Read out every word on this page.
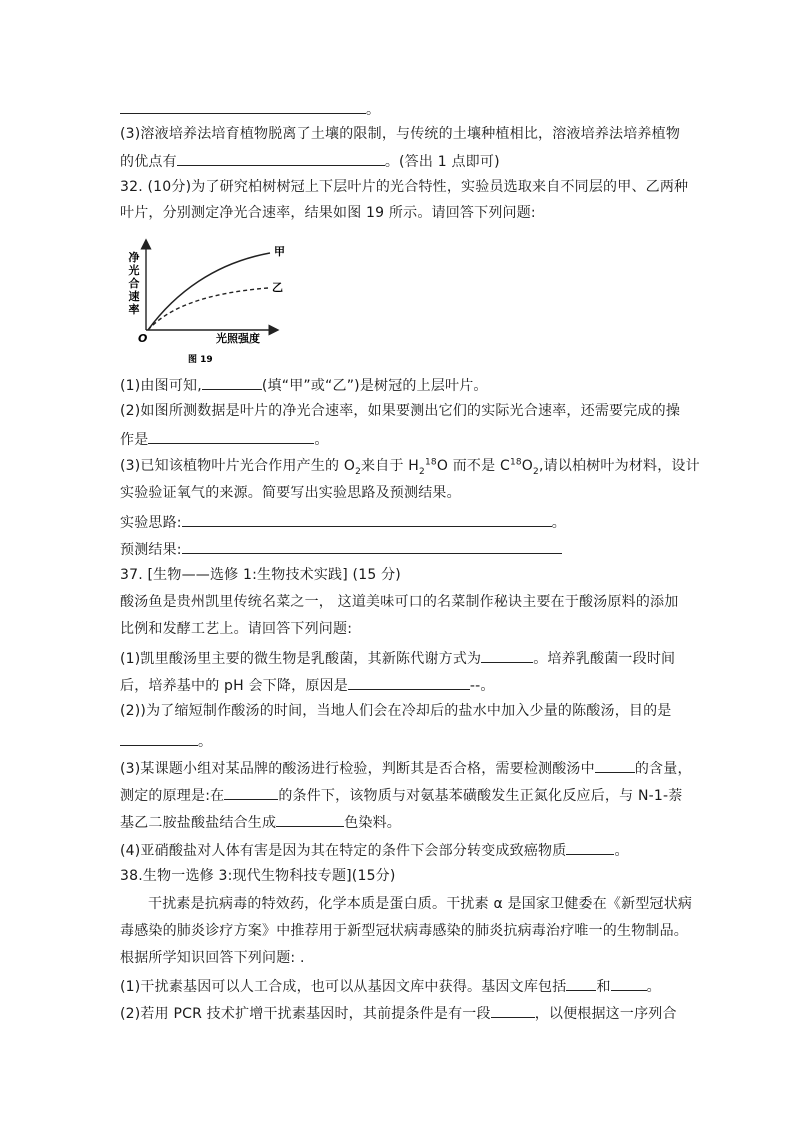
。
(3)溶液培养法培育植物脱离了土壤的限制，与传统的土壤种植相比，溶液培养法培养植物
的优点有	。(答出 1 点即可)
32. (10分)为了研究柏树树冠上下层叶片的光合特性，实验员选取来自不同层的甲、乙两种
叶片，分别测定净光合速率，结果如图 19 所示。请回答下列问题:
净
光
合
速
率
O	光照强度
甲
乙
图 19
(1)由图可知,	(填“甲”或“乙”)是树冠的上层叶片。
(2)如图所测数据是叶片的净光合速率，如果要测出它们的实际光合速率，还需要完成的操
作是	。
(3)已知该植物叶片光合作用产生的 $O_2$来自于 $H_2^{18}O$ 而不是 $C^{18}O_2$,请以柏树叶为材料，设计
实验验证氧气的来源。简要写出实验思路及预测结果。
实验思路:	。
预测结果:
37. [生物——选修 1:生物技术实践] (15 分)
酸汤鱼是贵州凯里传统名菜之一， 这道美味可口的名菜制作秘诀主要在于酸汤原料的添加
比例和发酵工艺上。请回答下列问题:
(1)凯里酸汤里主要的微生物是乳酸菌，其新陈代谢方式为	。培养乳酸菌一段时间
后，培养基中的 pH 会下降，原因是	--。
(2))为了缩短制作酸汤的时间，当地人们会在冷却后的盐水中加入少量的陈酸汤，目的是
。
(3)某课题小组对某品牌的酸汤进行检验，判断其是否合格，需要检测酸汤中	的含量，
测定的原理是:在	的条件下，该物质与对氨基苯磺酸发生正氮化反应后，与 N-1-萘
基乙二胺盐酸盐结合生成	色染料。
(4)亚硝酸盐对人体有害是因为其在特定的条件下会部分转变成致癌物质	。
38.生物一选修 3:现代生物科技专题](15分)
干扰素是抗病毒的特效药，化学本质是蛋白质。干扰素 α 是国家卫健委在《新型冠状病
毒感染的肺炎诊疗方案》中推荐用于新型冠状病毒感染的肺炎抗病毒治疗唯一的生物制品。
根据所学知识回答下列问题: .
(1)干扰素基因可以人工合成，也可以从基因文库中获得。基因文库包括 和	。
(2)若用 PCR 技术扩增干扰素基因时，其前提条件是有一段	，以便根据这一序列合
